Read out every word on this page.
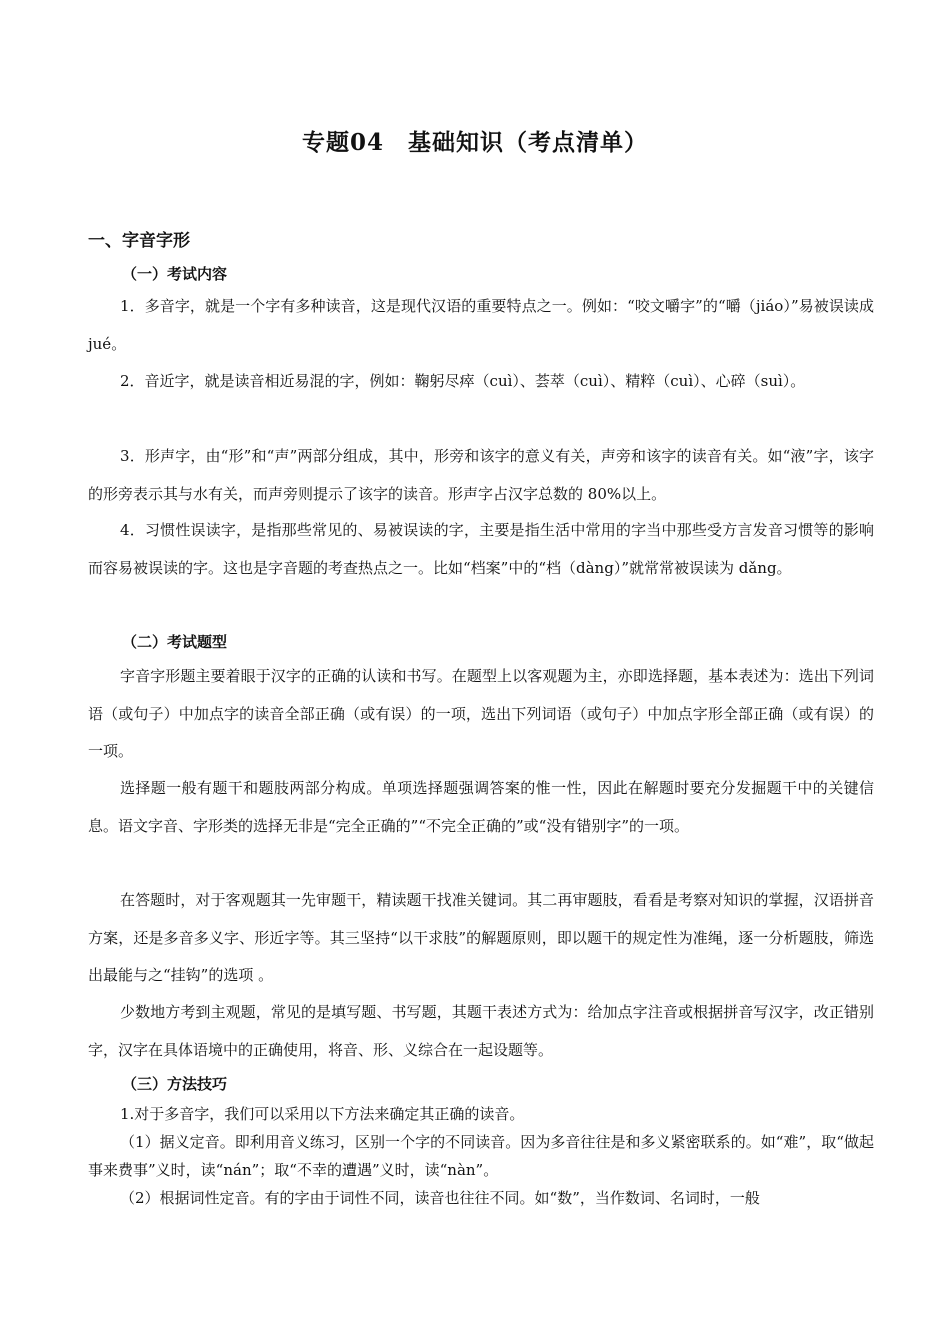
专题04　基础知识（考点清单）
一、字音字形
（一）考试内容
1．多音字，就是一个字有多种读音，这是现代汉语的重要特点之一。例如：“咬文嚼字”的“嚼（jiáo）”易被误读成 jué。
2．音近字，就是读音相近易混的字，例如：鞠躬尽瘁（cuì）、荟萃（cuì）、精粹（cuì）、心碎（suì）。
3．形声字，由“形”和“声”两部分组成，其中，形旁和该字的意义有关，声旁和该字的读音有关。如“液”字，该字的形旁表示其与水有关，而声旁则提示了该字的读音。形声字占汉字总数的 80%以上。
4．习惯性误读字，是指那些常见的、易被误读的字，主要是指生活中常用的字当中那些受方言发音习惯等的影响而容易被误读的字。这也是字音题的考查热点之一。比如“档案”中的“档（dàng）”就常常被误读为 dǎng。
（二）考试题型
字音字形题主要着眼于汉字的正确的认读和书写。在题型上以客观题为主，亦即选择题，基本表述为：选出下列词语（或句子）中加点字的读音全部正确（或有误）的一项，选出下列词语（或句子）中加点字形全部正确（或有误）的一项。
选择题一般有题干和题肢两部分构成。单项选择题强调答案的惟一性，因此在解题时要充分发掘题干中的关键信息。语文字音、字形类的选择无非是“完全正确的”“不完全正确的”或“没有错别字”的一项。
在答题时，对于客观题其一先审题干，精读题干找准关键词。其二再审题肢，看看是考察对知识的掌握，汉语拼音方案，还是多音多义字、形近字等。其三坚持“以干求肢”的解题原则，即以题干的规定性为准绳，逐一分析题肢，筛选出最能与之“挂钩”的选项 。
少数地方考到主观题，常见的是填写题、书写题，其题干表述方式为：给加点字注音或根据拼音写汉字，改正错别字，汉字在具体语境中的正确使用，将音、形、义综合在一起设题等。
（三）方法技巧
1.对于多音字，我们可以采用以下方法来确定其正确的读音。
（1）据义定音。即利用音义练习，区别一个字的不同读音。因为多音往往是和多义紧密联系的。如“难”，取“做起事来费事”义时，读“nán”；取“不幸的遭遇”义时，读“nàn”。
（2）根据词性定音。有的字由于词性不同，读音也往往不同。如“数”，当作数词、名词时，一般
